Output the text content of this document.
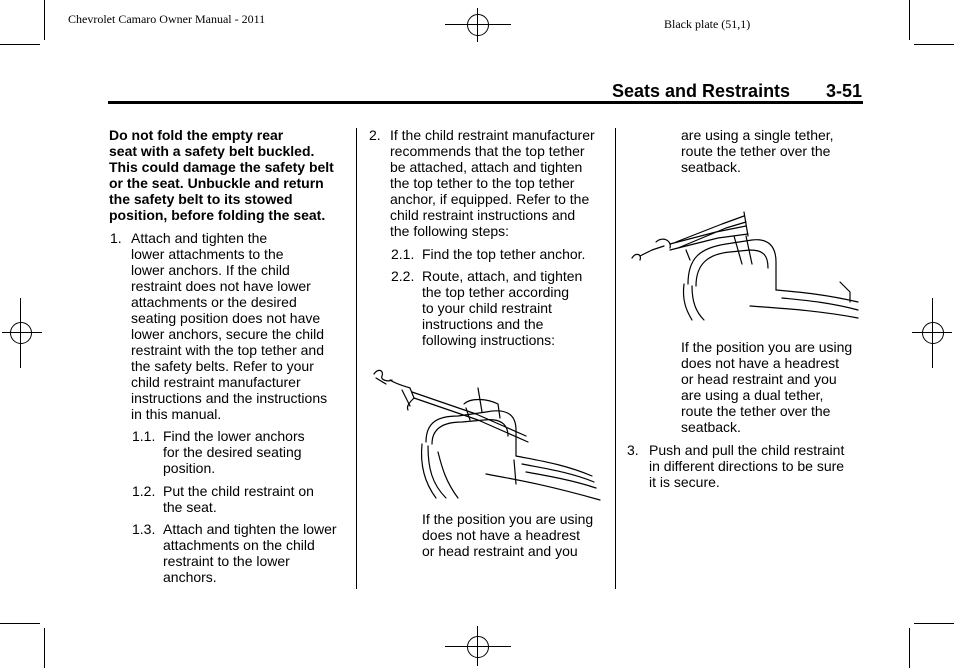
Chevrolet Camaro Owner Manual - 2011	Black plate (51,1)
Seats and Restraints 3-51
Do not fold the empty rear
seat with a safety belt buckled.
This could damage the safety belt
or the seat. Unbuckle and return
the safety belt to its stowed
position, before folding the seat.
1. Attach and tighten the
lower attachments to the
lower anchors. If the child
restraint does not have lower
attachments or the desired
seating position does not have
lower anchors, secure the child
restraint with the top tether and
the safety belts. Refer to your
child restraint manufacturer
instructions and the instructions
in this manual.
1.1. Find the lower anchors
for the desired seating
position.
1.2. Put the child restraint on
the seat.
1.3. Attach and tighten the lower
attachments on the child
restraint to the lower
anchors.
2. If the child restraint manufacturer
recommends that the top tether
be attached, attach and tighten
the top tether to the top tether
anchor, if equipped. Refer to the
child restraint instructions and
the following steps:
2.1. Find the top tether anchor.
2.2. Route, attach, and tighten
the top tether according
to your child restraint
instructions and the
following instructions:
If the position you are using
does not have a headrest
or head restraint and you
are using a single tether,
route the tether over the
seatback.
If the position you are using
does not have a headrest
or head restraint and you
are using a dual tether,
route the tether over the
seatback.
3. Push and pull the child restraint
in different directions to be sure
it is secure.
